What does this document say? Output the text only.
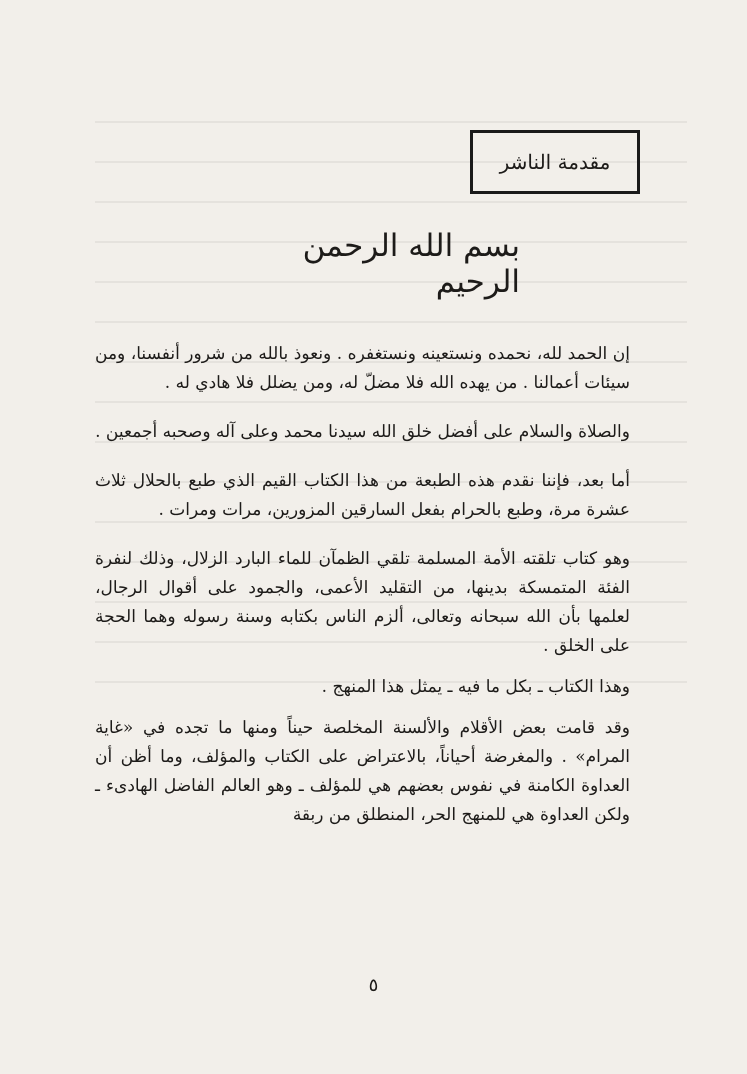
مقدمة الناشر
بسم الله الرحمن الرحيم

إن الحمد لله، نحمده ونستعينه ونستغفره . ونعوذ بالله من شرور أنفسنا، ومن سيئات أعمالنا . من يهده الله فلا مضلّ له، ومن يضلل فلا هادي له .

والصلاة والسلام على أفضل خلق الله سيدنا محمد وعلى آله وصحبه أجمعين .

أما بعد، فإننا نقدم هذه الطبعة من هذا الكتاب القيم الذي طبع بالحلال ثلاث عشرة مرة، وطبع بالحرام بفعل السارقين المزورين، مرات ومرات .

وهو كتاب تلقته الأمة المسلمة تلقي الظمآن للماء البارد الزلال، وذلك لنفرة الفئة المتمسكة بدينها، من التقليد الأعمى، والجمود على أقوال الرجال، لعلمها بأن الله سبحانه وتعالى، ألزم الناس بكتابه وسنة رسوله وهما الحجة على الخلق .

وهذا الكتاب ـ بكل ما فيه ـ يمثل هذا المنهج .

وقد قامت بعض الأقلام والألسنة المخلصة حيناً ومنها ما تجده في «غاية المرام» . والمغرضة أحياناً، بالاعتراض على الكتاب والمؤلف، وما أظن أن العداوة الكامنة في نفوس بعضهم هي للمؤلف ـ وهو العالم الفاضل الهادىء ـ ولكن العداوة هي للمنهج الحر، المنطلق من ربقة

٥
